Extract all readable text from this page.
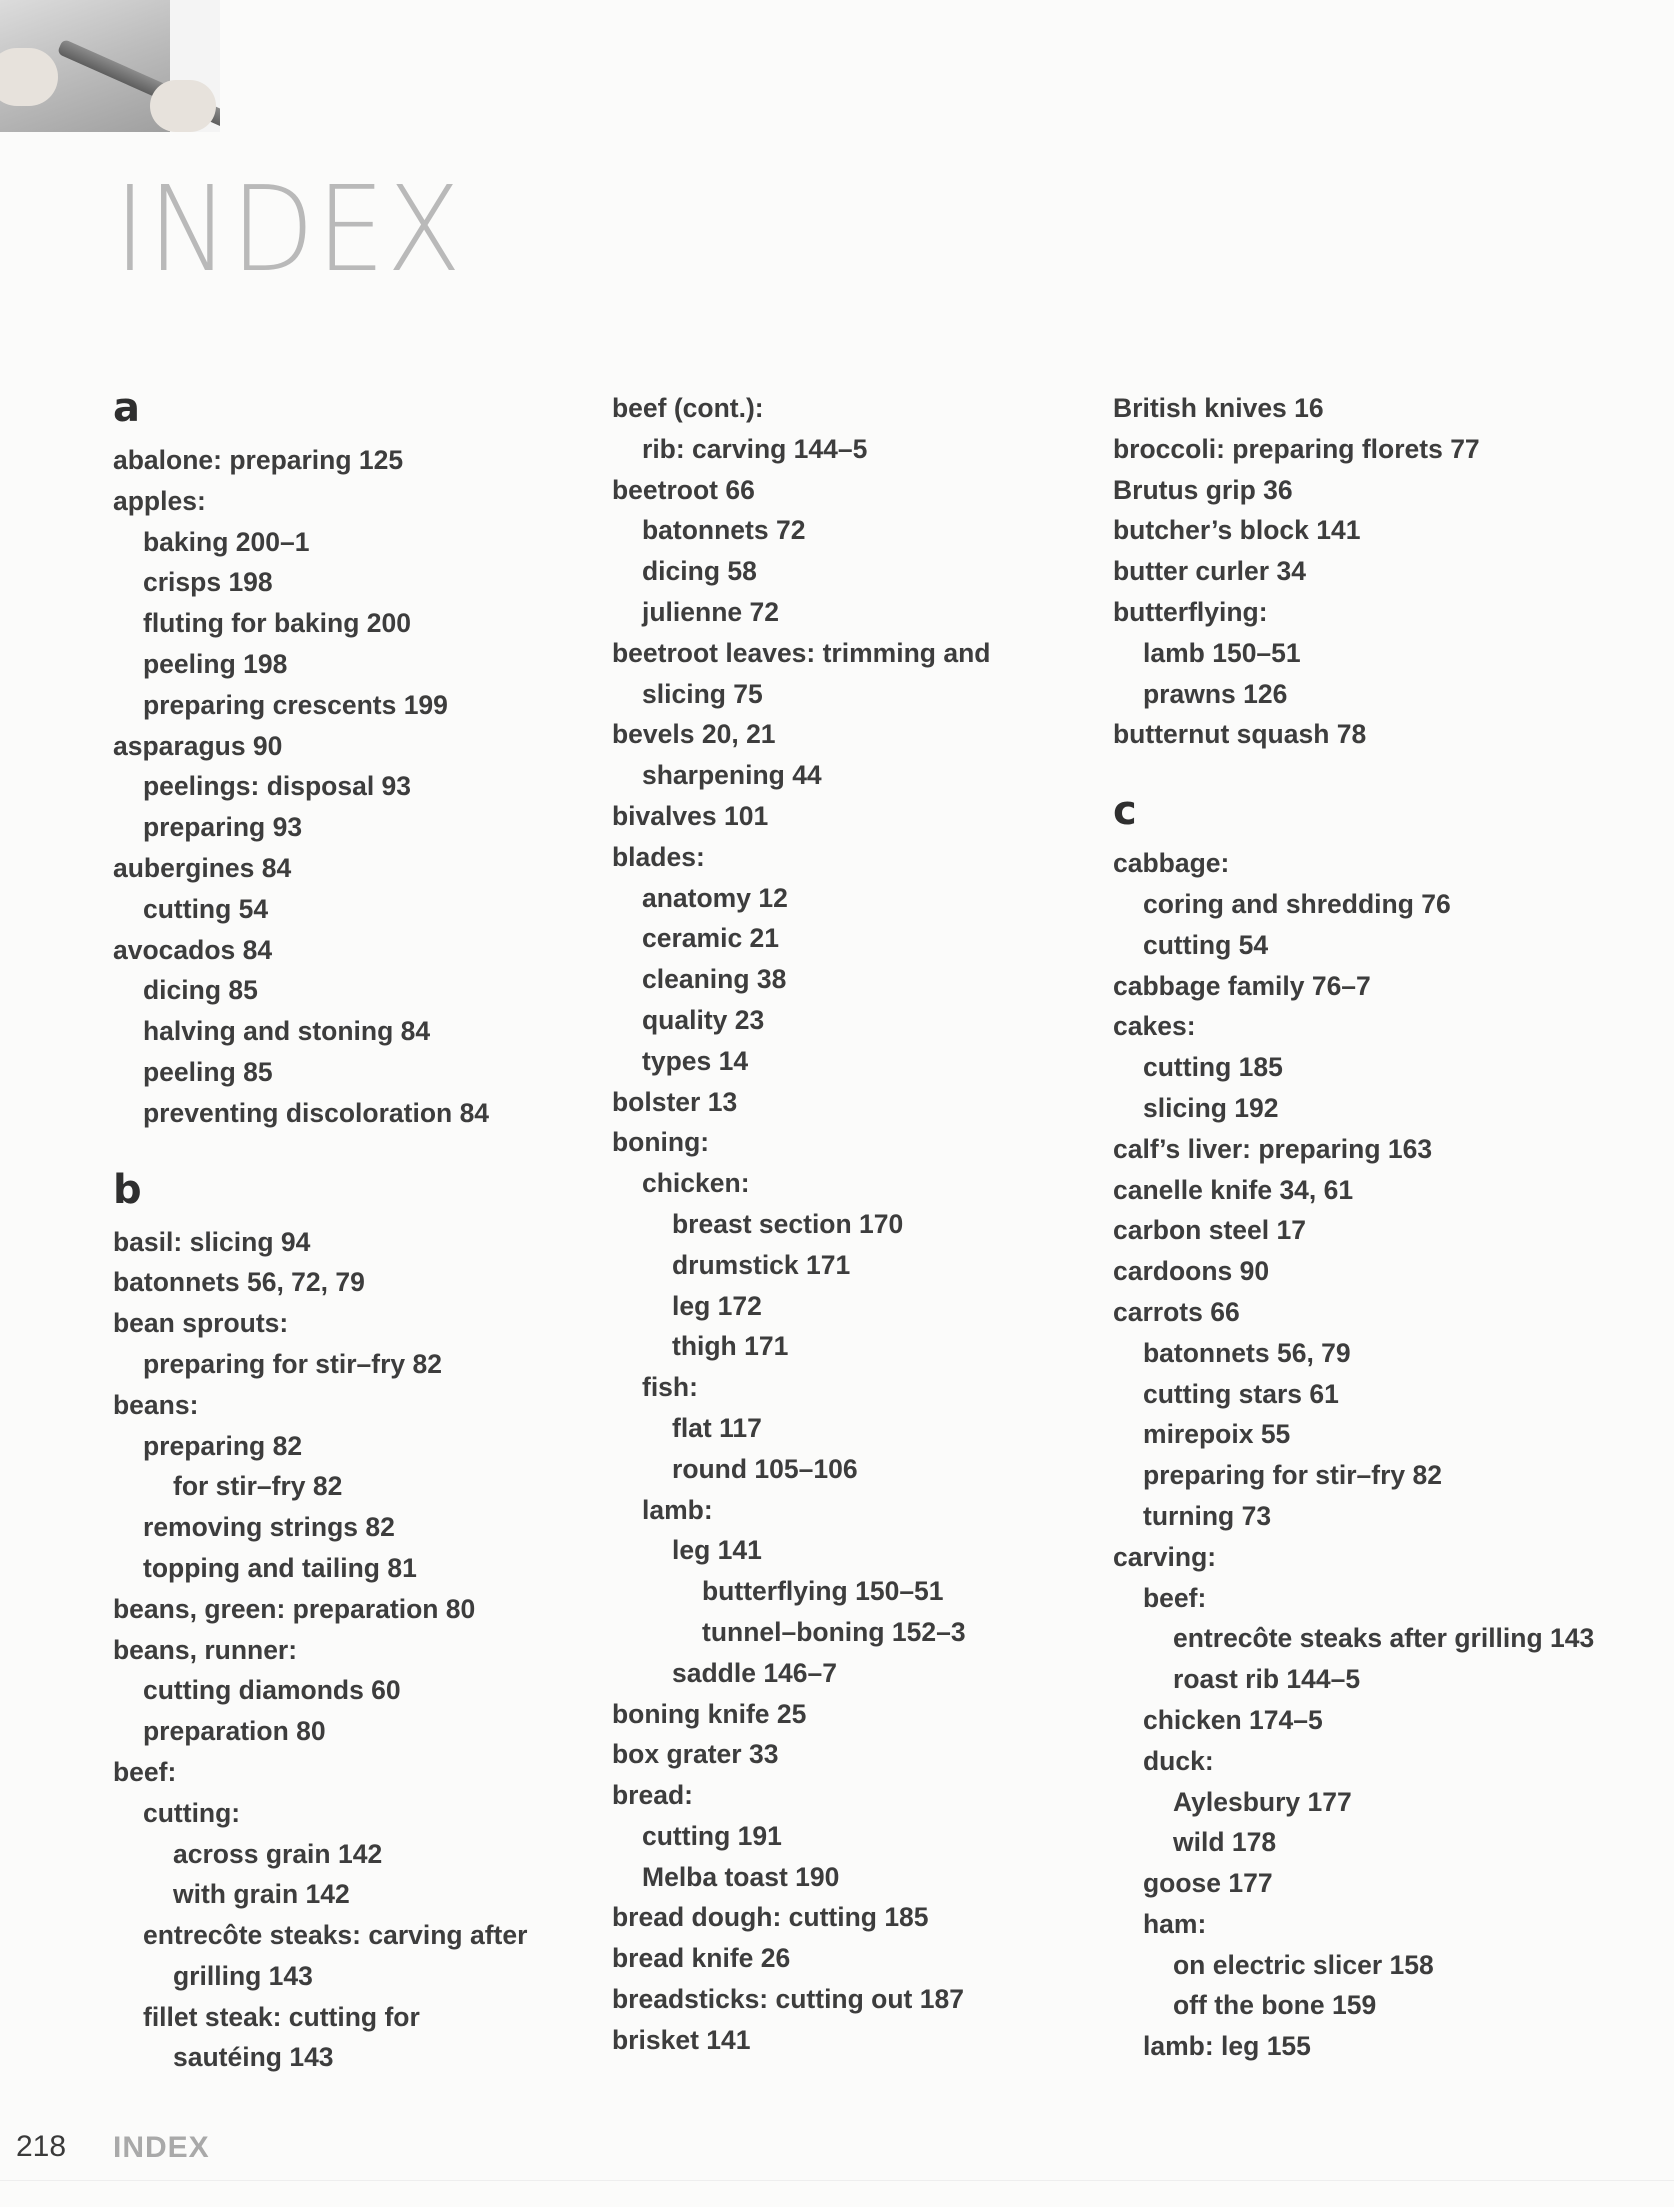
INDEX
a
abalone: preparing 125
apples:
baking 200–1
crisps 198
fluting for baking 200
peeling 198
preparing crescents 199
asparagus 90
peelings: disposal 93
preparing 93
aubergines 84
cutting 54
avocados 84
dicing 85
halving and stoning 84
peeling 85
preventing discoloration 84
b
basil: slicing 94
batonnets 56, 72, 79
bean sprouts:
preparing for stir–fry 82
beans:
preparing 82
for stir–fry 82
removing strings 82
topping and tailing 81
beans, green: preparation 80
beans, runner:
cutting diamonds 60
preparation 80
beef:
cutting:
across grain 142
with grain 142
entrecôte steaks: carving after
grilling 143
fillet steak: cutting for
sautéing 143
beef (cont.):
rib: carving 144–5
beetroot 66
batonnets 72
dicing 58
julienne 72
beetroot leaves: trimming and
slicing 75
bevels 20, 21
sharpening 44
bivalves 101
blades:
anatomy 12
ceramic 21
cleaning 38
quality 23
types 14
bolster 13
boning:
chicken:
breast section 170
drumstick 171
leg 172
thigh 171
fish:
flat 117
round 105–106
lamb:
leg 141
butterflying 150–51
tunnel–boning 152–3
saddle 146–7
boning knife 25
box grater 33
bread:
cutting 191
Melba toast 190
bread dough: cutting 185
bread knife 26
breadsticks: cutting out 187
brisket 141
British knives 16
broccoli: preparing florets 77
Brutus grip 36
butcher’s block 141
butter curler 34
butterflying:
lamb 150–51
prawns 126
butternut squash 78
c
cabbage:
coring and shredding 76
cutting 54
cabbage family 76–7
cakes:
cutting 185
slicing 192
calf’s liver: preparing 163
canelle knife 34, 61
carbon steel 17
cardoons 90
carrots 66
batonnets 56, 79
cutting stars 61
mirepoix 55
preparing for stir–fry 82
turning 73
carving:
beef:
entrecôte steaks after grilling 143
roast rib 144–5
chicken 174–5
duck:
Aylesbury 177
wild 178
goose 177
ham:
on electric slicer 158
off the bone 159
lamb: leg 155
218 INDEX
